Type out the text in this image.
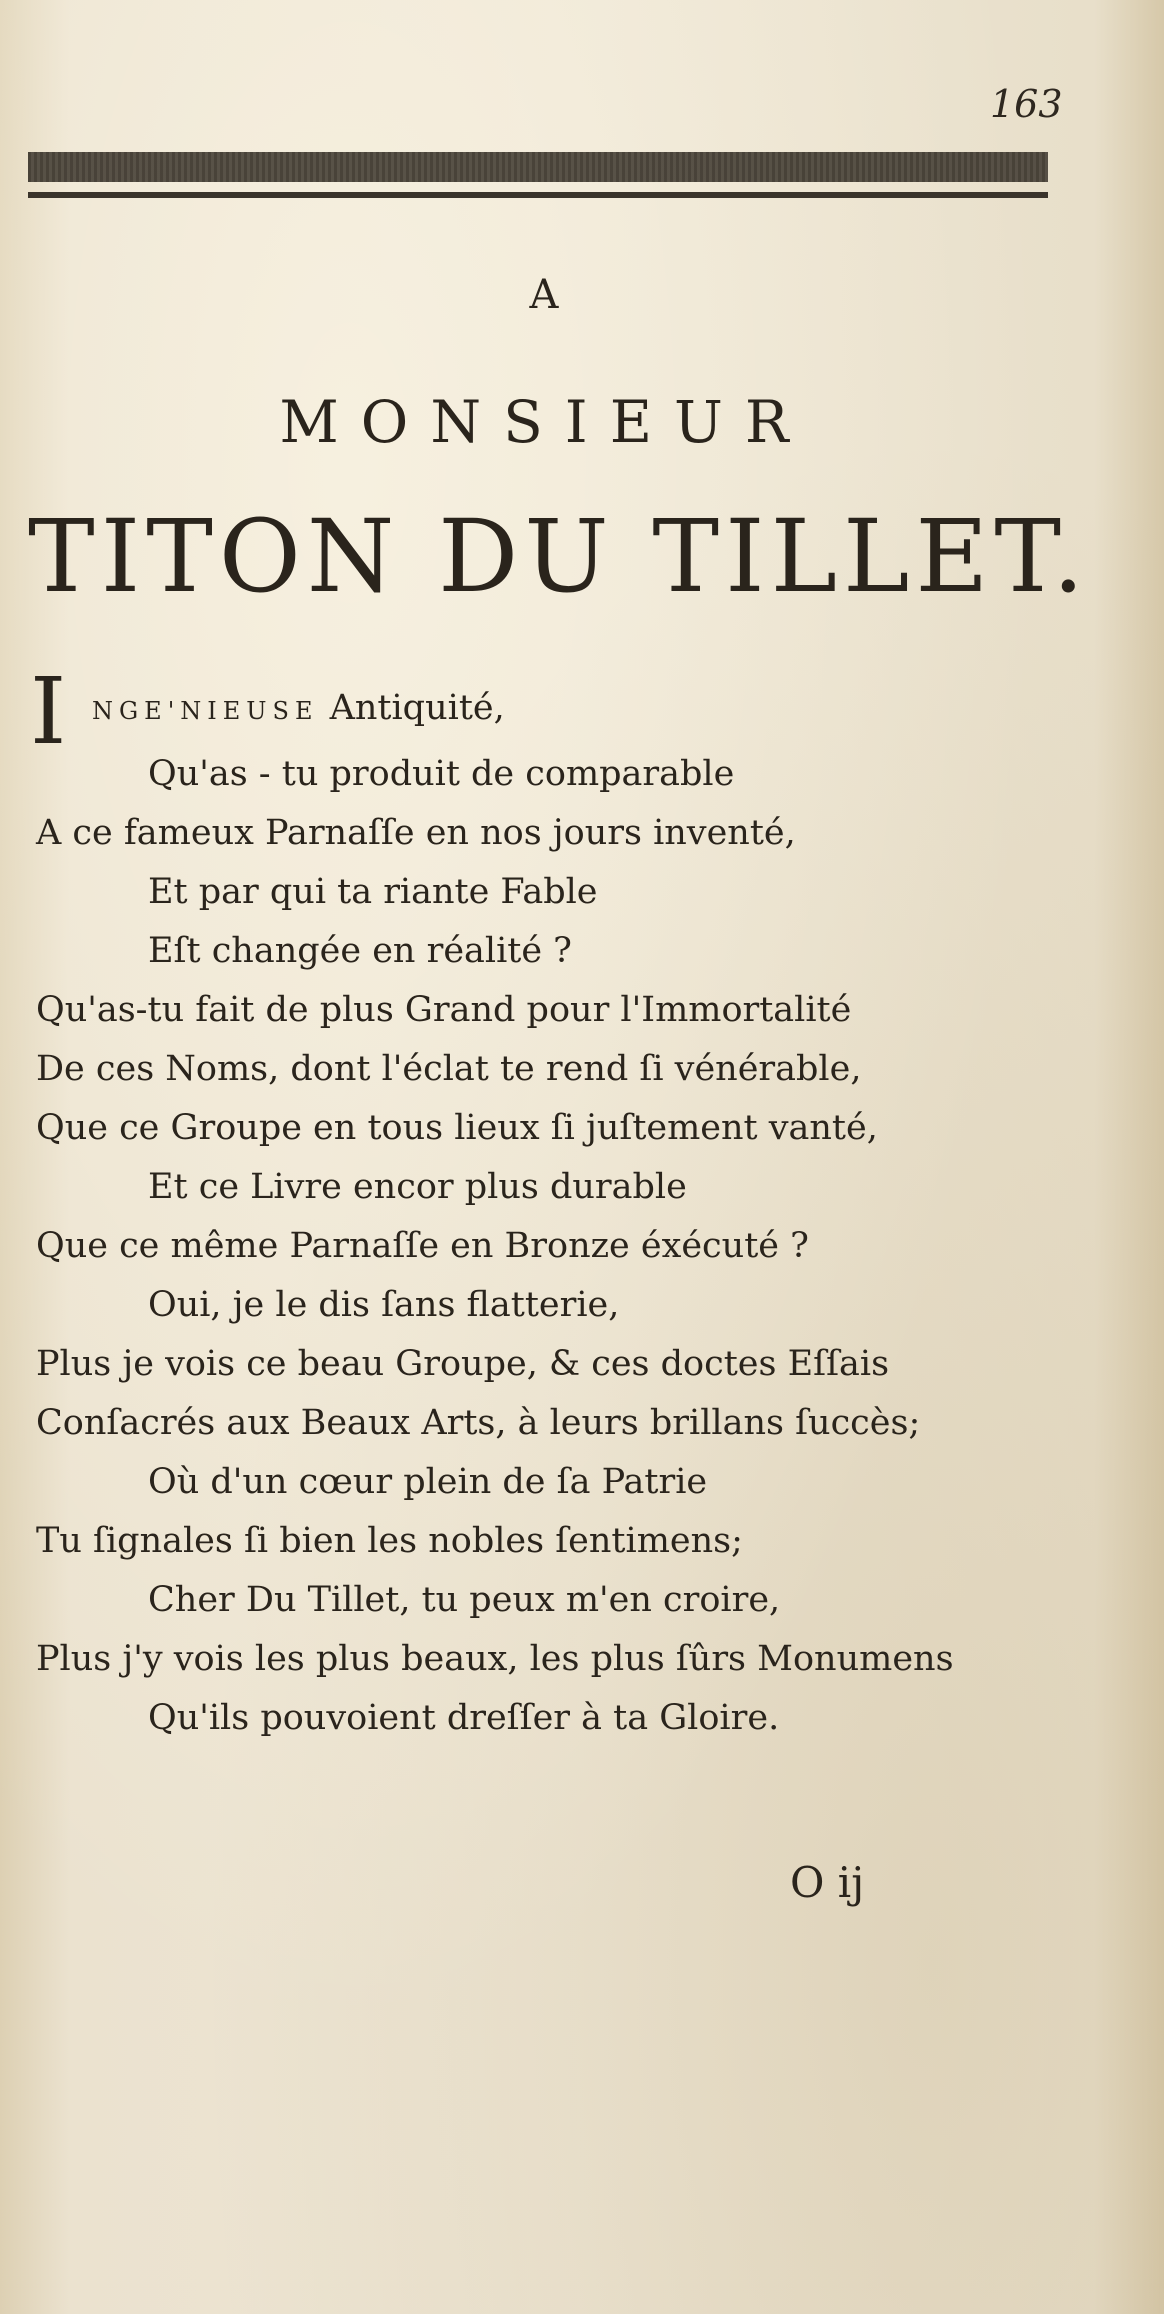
163
A
MONSIEUR
TITON DU TILLET.
I NGE'NIEUSE Antiquité,
Qu'as - tu produit de comparable
A ce fameux Parnaſſe en nos jours inventé,
Et par qui ta riante Fable
Eſt changée en réalité ?
Qu'as-tu fait de plus Grand pour l'Immortalité
De ces Noms, dont l'éclat te rend ſi vénérable,
Que ce Groupe en tous lieux ſi juſtement vanté,
Et ce Livre encor plus durable
Que ce même Parnaſſe en Bronze éxécuté ?
Oui, je le dis ſans flatterie,
Plus je vois ce beau Groupe, & ces doctes Eſſais
Conſacrés aux Beaux Arts, à leurs brillans ſuccès;
Où d'un cœur plein de ſa Patrie
Tu ſignales ſi bien les nobles ſentimens;
Cher Du Tillet, tu peux m'en croire,
Plus j'y vois les plus beaux, les plus ſûrs Monumens
Qu'ils pouvoient dreſſer à ta Gloire.
O ij
